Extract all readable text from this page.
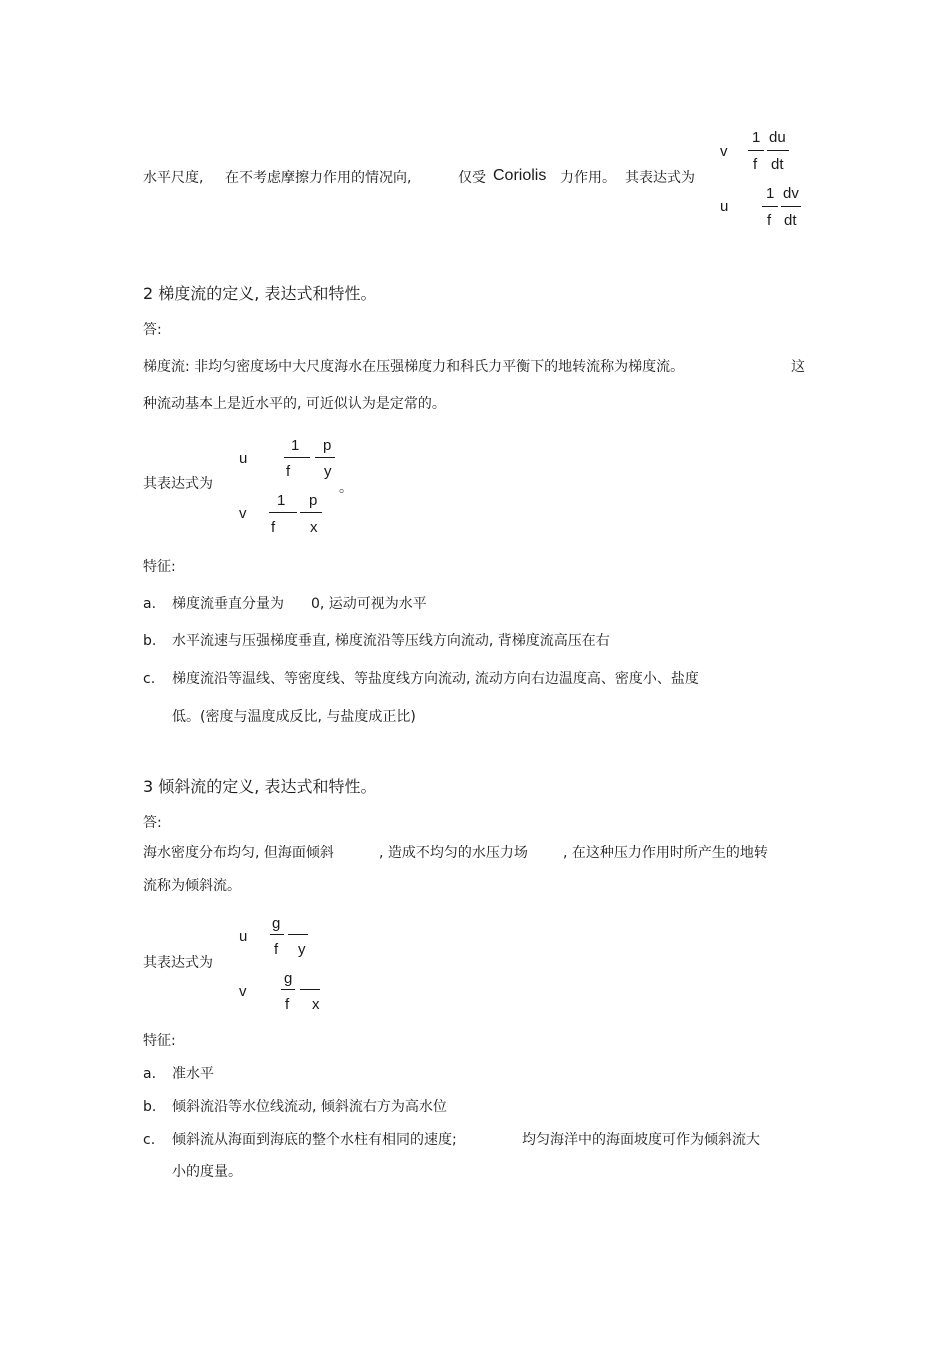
水平尺度, 在不考虑摩擦力作用的情况向,	仅受 Coriolis 力作用。 其表达式为
v
1
f
du
dt
u
1
f
dv
dt
2 梯度流的定义, 表达式和特性。
答:
梯度流: 非均匀密度场中大尺度海水在压强梯度力和科氏力平衡下的地转流称为梯度流。	这
种流动基本上是近水平的, 可近似认为是定常的。
其表达式为
u
1
f
p
y
。
v
1
f
p
x
特征:
a. 梯度流垂直分量为 0, 运动可视为水平
b. 水平流速与压强梯度垂直, 梯度流沿等压线方向流动, 背梯度流高压在右
c. 梯度流沿等温线、等密度线、等盐度线方向流动, 流动方向右边温度高、密度小、盐度
低。(密度与温度成反比, 与盐度成正比)
3 倾斜流的定义, 表达式和特性。
答:
海水密度分布均匀, 但海面倾斜	, 造成不均匀的水压力场	, 在这种压力作用时所产生的地转
流称为倾斜流。
其表达式为
u
g
f y
v
g
f x
特征:
a. 准水平
b. 倾斜流沿等水位线流动, 倾斜流右方为高水位
c. 倾斜流从海面到海底的整个水柱有相同的速度;	均匀海洋中的海面坡度可作为倾斜流大
小的度量。
